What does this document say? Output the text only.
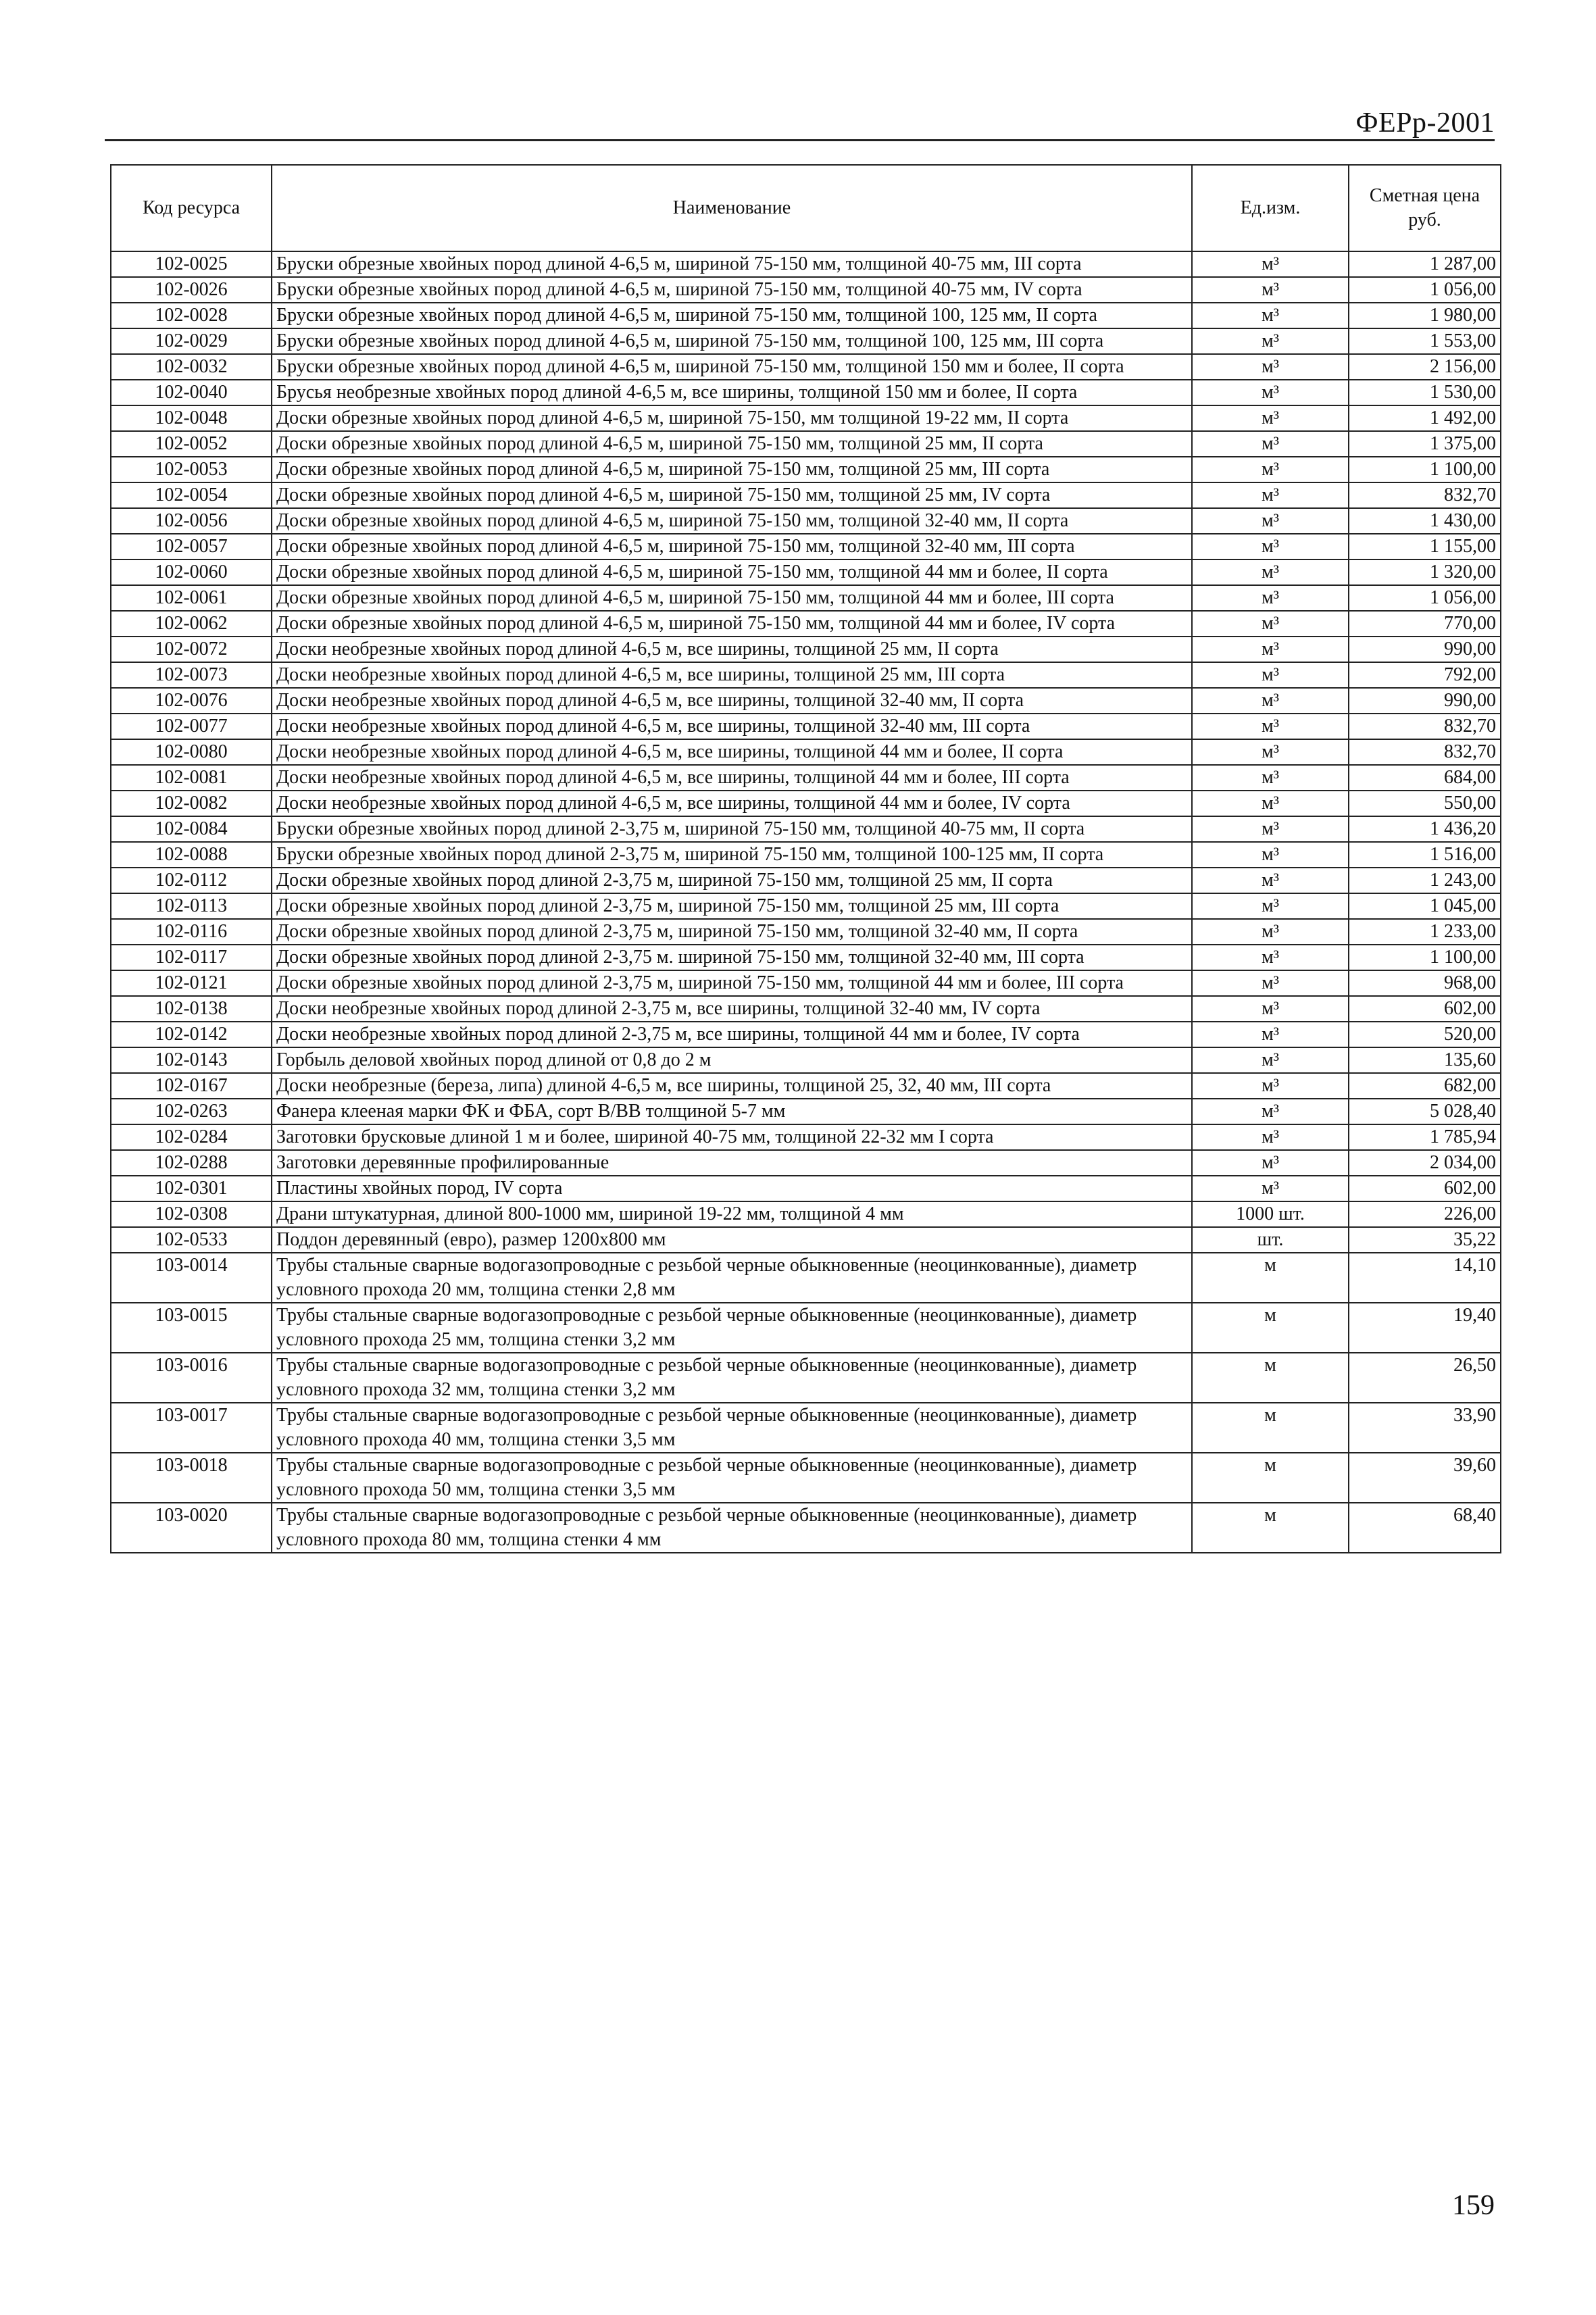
ФЕРр-2001
Код ресурса	Наименование	Ед.изм.	Сметная цена руб.
102-0025	Бруски обрезные хвойных пород длиной 4-6,5 м, шириной 75-150 мм, толщиной 40-75 мм, III сорта	м³	1 287,00
102-0026	Бруски обрезные хвойных пород длиной 4-6,5 м, шириной 75-150 мм, толщиной 40-75 мм, IV сорта	м³	1 056,00
102-0028	Бруски обрезные хвойных пород длиной 4-6,5 м, шириной 75-150 мм, толщиной 100, 125 мм, II сорта	м³	1 980,00
102-0029	Бруски обрезные хвойных пород длиной 4-6,5 м, шириной 75-150 мм, толщиной 100, 125 мм, III сорта	м³	1 553,00
102-0032	Бруски обрезные хвойных пород длиной 4-6,5 м, шириной 75-150 мм, толщиной 150 мм и более, II сорта	м³	2 156,00
102-0040	Брусья необрезные хвойных пород длиной 4-6,5 м, все ширины, толщиной 150 мм и более, II сорта	м³	1 530,00
102-0048	Доски обрезные хвойных пород длиной 4-6,5 м, шириной 75-150, мм толщиной 19-22 мм, II сорта	м³	1 492,00
102-0052	Доски обрезные хвойных пород длиной 4-6,5 м, шириной 75-150 мм, толщиной 25 мм, II сорта	м³	1 375,00
102-0053	Доски обрезные хвойных пород длиной 4-6,5 м, шириной 75-150 мм, толщиной 25 мм, III сорта	м³	1 100,00
102-0054	Доски обрезные хвойных пород длиной 4-6,5 м, шириной 75-150 мм, толщиной 25 мм, IV сорта	м³	832,70
102-0056	Доски обрезные хвойных пород длиной 4-6,5 м, шириной 75-150 мм, толщиной 32-40 мм, II сорта	м³	1 430,00
102-0057	Доски обрезные хвойных пород длиной 4-6,5 м, шириной 75-150 мм, толщиной 32-40 мм, III сорта	м³	1 155,00
102-0060	Доски обрезные хвойных пород длиной 4-6,5 м, шириной 75-150 мм, толщиной 44 мм и более, II сорта	м³	1 320,00
102-0061	Доски обрезные хвойных пород длиной 4-6,5 м, шириной 75-150 мм, толщиной 44 мм и более, III сорта	м³	1 056,00
102-0062	Доски обрезные хвойных пород длиной 4-6,5 м, шириной 75-150 мм, толщиной 44 мм и более, IV сорта	м³	770,00
102-0072	Доски необрезные хвойных пород длиной 4-6,5 м, все ширины, толщиной 25 мм, II сорта	м³	990,00
102-0073	Доски необрезные хвойных пород длиной 4-6,5 м, все ширины, толщиной 25 мм, III сорта	м³	792,00
102-0076	Доски необрезные хвойных пород длиной 4-6,5 м, все ширины, толщиной 32-40 мм, II сорта	м³	990,00
102-0077	Доски необрезные хвойных пород длиной 4-6,5 м, все ширины, толщиной 32-40 мм, III сорта	м³	832,70
102-0080	Доски необрезные хвойных пород длиной 4-6,5 м, все ширины, толщиной 44 мм и более, II сорта	м³	832,70
102-0081	Доски необрезные хвойных пород длиной 4-6,5 м, все ширины, толщиной 44 мм и более, III сорта	м³	684,00
102-0082	Доски необрезные хвойных пород длиной 4-6,5 м, все ширины, толщиной 44 мм и более, IV сорта	м³	550,00
102-0084	Бруски обрезные хвойных пород длиной 2-3,75 м, шириной 75-150 мм, толщиной 40-75 мм, II сорта	м³	1 436,20
102-0088	Бруски обрезные хвойных пород длиной 2-3,75 м, шириной 75-150 мм, толщиной 100-125 мм, II сорта	м³	1 516,00
102-0112	Доски обрезные хвойных пород длиной 2-3,75 м, шириной 75-150 мм, толщиной 25 мм, II сорта	м³	1 243,00
102-0113	Доски обрезные хвойных пород длиной 2-3,75 м, шириной 75-150 мм, толщиной 25 мм, III сорта	м³	1 045,00
102-0116	Доски обрезные хвойных пород длиной 2-3,75 м, шириной 75-150 мм, толщиной 32-40 мм, II сорта	м³	1 233,00
102-0117	Доски обрезные хвойных пород длиной 2-3,75 м. шириной 75-150 мм, толщиной 32-40 мм, III сорта	м³	1 100,00
102-0121	Доски обрезные хвойных пород длиной 2-3,75 м, шириной 75-150 мм, толщиной 44 мм и более, III сорта	м³	968,00
102-0138	Доски необрезные хвойных пород длиной 2-3,75 м, все ширины, толщиной 32-40 мм, IV сорта	м³	602,00
102-0142	Доски необрезные хвойных пород длиной 2-3,75 м, все ширины, толщиной 44 мм и более, IV сорта	м³	520,00
102-0143	Горбыль деловой хвойных пород длиной от 0,8 до 2 м	м³	135,60
102-0167	Доски необрезные (береза, липа) длиной 4-6,5 м, все ширины, толщиной 25, 32, 40 мм, III сорта	м³	682,00
102-0263	Фанера клееная марки ФК и ФБА, сорт В/ВВ толщиной 5-7 мм	м³	5 028,40
102-0284	Заготовки брусковые длиной 1 м и более, шириной 40-75 мм, толщиной 22-32 мм I сорта	м³	1 785,94
102-0288	Заготовки деревянные профилированные	м³	2 034,00
102-0301	Пластины хвойных пород, IV сорта	м³	602,00
102-0308	Драни штукатурная, длиной 800-1000 мм, шириной 19-22 мм, толщиной 4 мм	1000 шт.	226,00
102-0533	Поддон деревянный (евро), размер 1200х800 мм	шт.	35,22
103-0014	Трубы стальные сварные водогазопроводные с резьбой черные обыкновенные (неоцинкованные), диаметр условного прохода 20 мм, толщина стенки 2,8 мм	м	14,10
103-0015	Трубы стальные сварные водогазопроводные с резьбой черные обыкновенные (неоцинкованные), диаметр условного прохода 25 мм, толщина стенки 3,2 мм	м	19,40
103-0016	Трубы стальные сварные водогазопроводные с резьбой черные обыкновенные (неоцинкованные), диаметр условного прохода 32 мм, толщина стенки 3,2 мм	м	26,50
103-0017	Трубы стальные сварные водогазопроводные с резьбой черные обыкновенные (неоцинкованные), диаметр условного прохода 40 мм, толщина стенки 3,5 мм	м	33,90
103-0018	Трубы стальные сварные водогазопроводные с резьбой черные обыкновенные (неоцинкованные), диаметр условного прохода 50 мм, толщина стенки 3,5 мм	м	39,60
103-0020	Трубы стальные сварные водогазопроводные с резьбой черные обыкновенные (неоцинкованные), диаметр условного прохода 80 мм, толщина стенки 4 мм	м	68,40
159
